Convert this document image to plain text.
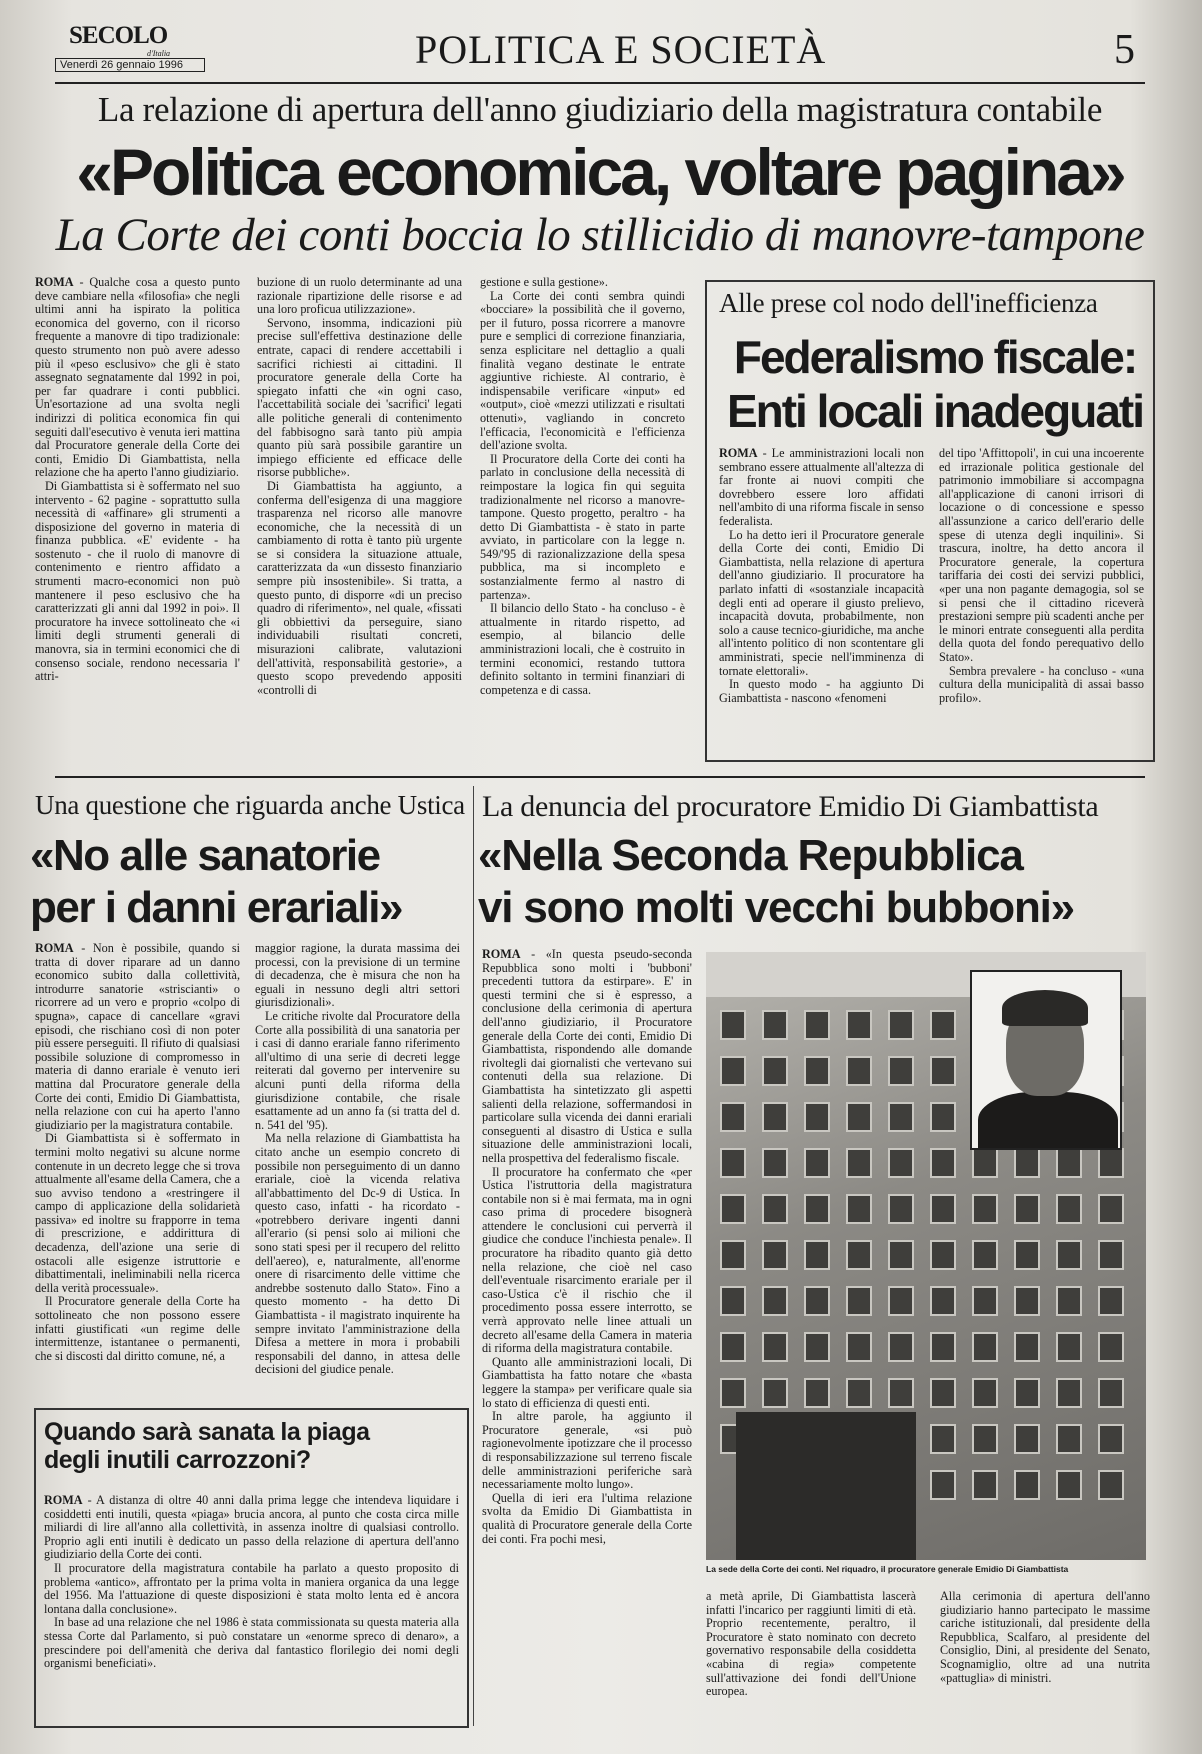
SECOLO
d'Italia
Venerdì 26 gennaio 1996	POLITICA E SOCIETÀ	5
La relazione di apertura dell'anno giudiziario della magistratura contabile
«Politica economica, voltare pagina»
La Corte dei conti boccia lo stillicidio di manovre-tampone

ROMA - Qualche cosa a questo punto deve cambiare nella «filosofia» che negli ultimi anni ha ispirato la politica economica del governo, con il ricorso frequente a manovre di tipo tradizionale: questo strumento non può avere adesso più il «peso esclusivo» che gli è stato assegnato segnatamente dal 1992 in poi, per far quadrare i conti pubblici. Un'esortazione ad una svolta negli indirizzi di politica economica fin qui seguiti dall'esecutivo è venuta ieri mattina dal Procuratore generale della Corte dei conti, Emidio Di Giambattista, nella relazione che ha aperto l'anno giudiziario.

Di Giambattista si è soffermato nel suo intervento - 62 pagine - soprattutto sulla necessità di «affinare» gli strumenti a disposizione del governo in materia di finanza pubblica. «E' evidente - ha sostenuto - che il ruolo di manovre di contenimento e rientro affidato a strumenti macro-economici non può mantenere il peso esclusivo che ha caratterizzati gli anni dal 1992 in poi». Il procuratore ha invece sottolineato che «i limiti degli strumenti generali di manovra, sia in termini economici che di consenso sociale, rendono necessaria l' attri-

buzione di un ruolo determinante ad una razionale ripartizione delle risorse e ad una loro proficua utilizzazione».

Servono, insomma, indicazioni più precise sull'effettiva destinazione delle entrate, capaci di rendere accettabili i sacrifici richiesti ai cittadini. Il procuratore generale della Corte ha spiegato infatti che «in ogni caso, l'accettabilità sociale dei 'sacrifici' legati alle politiche generali di contenimento del fabbisogno sarà tanto più ampia quanto più sarà possibile garantire un impiego efficiente ed efficace delle risorse pubbliche».

Di Giambattista ha aggiunto, a conferma dell'esigenza di una maggiore trasparenza nel ricorso alle manovre economiche, che la necessità di un cambiamento di rotta è tanto più urgente se si considera la situazione attuale, caratterizzata da «un dissesto finanziario sempre più insostenibile». Si tratta, a questo punto, di disporre «di un preciso quadro di riferimento», nel quale, «fissati gli obbiettivi da perseguire, siano individuabili risultati concreti, misurazioni calibrate, valutazioni dell'attività, responsabilità gestorie», a questo scopo prevedendo appositi «controlli di

gestione e sulla gestione».

La Corte dei conti sembra quindi «bocciare» la possibilità che il governo, per il futuro, possa ricorrere a manovre pure e semplici di correzione finanziaria, senza esplicitare nel dettaglio a quali finalità vegano destinate le entrate aggiuntive richieste. Al contrario, è indispensabile verificare «input» ed «output», cioè «mezzi utilizzati e risultati ottenuti», vagliando in concreto l'efficacia, l'economicità e l'efficienza dell'azione svolta.

Il Procuratore della Corte dei conti ha parlato in conclusione della necessità di reimpostare la logica fin qui seguita tradizionalmente nel ricorso a manovre-tampone. Questo progetto, peraltro - ha detto Di Giambattista - è stato in parte avviato, in particolare con la legge n. 549/'95 di razionalizzazione della spesa pubblica, ma si incompleto e sostanzialmente fermo al nastro di partenza».

Il bilancio dello Stato - ha concluso - è attualmente in ritardo rispetto, ad esempio, al bilancio delle amministrazioni locali, che è costruito in termini economici, restando tuttora definito soltanto in termini finanziari di competenza e di cassa.

Alle prese col nodo dell'inefficienza
Federalismo fiscale:
Enti locali inadeguati

ROMA - Le amministrazioni locali non sembrano essere attualmente all'altezza di far fronte ai nuovi compiti che dovrebbero essere loro affidati nell'ambito di una riforma fiscale in senso federalista.

Lo ha detto ieri il Procuratore generale della Corte dei conti, Emidio Di Giambattista, nella relazione di apertura dell'anno giudiziario. Il procuratore ha parlato infatti di «sostanziale incapacità degli enti ad operare il giusto prelievo, incapacità dovuta, probabilmente, non solo a cause tecnico-giuridiche, ma anche all'intento politico di non scontentare gli amministrati, specie nell'imminenza di tornate elettorali».

In questo modo - ha aggiunto Di Giambattista - nascono «fenomeni

del tipo 'Affittopoli', in cui una incoerente ed irrazionale politica gestionale del patrimonio immobiliare si accompagna all'applicazione di canoni irrisori di locazione o di concessione e spesso all'assunzione a carico dell'erario delle spese di utenza degli inquilini». Si trascura, inoltre, ha detto ancora il Procuratore generale, la copertura tariffaria dei costi dei servizi pubblici, «per una non pagante demagogia, sol se si pensi che il cittadino riceverà prestazioni sempre più scadenti anche per le minori entrate conseguenti alla perdita della quota del fondo perequativo dello Stato».

Sembra prevalere - ha concluso - «una cultura della municipalità di assai basso profilo».

Una questione che riguarda anche Ustica
«No alle sanatorie
per i danni erariali»

ROMA - Non è possibile, quando si tratta di dover riparare ad un danno economico subito dalla collettività, introdurre sanatorie «striscianti» o ricorrere ad un vero e proprio «colpo di spugna», capace di cancellare «gravi episodi, che rischiano così di non poter più essere perseguiti. Il rifiuto di qualsiasi possibile soluzione di compromesso in materia di danno erariale è venuto ieri mattina dal Procuratore generale della Corte dei conti, Emidio Di Giambattista, nella relazione con cui ha aperto l'anno giudiziario per la magistratura contabile.

Di Giambattista si è soffermato in termini molto negativi su alcune norme contenute in un decreto legge che si trova attualmente all'esame della Camera, che a suo avviso tendono a «restringere il campo di applicazione della solidarietà passiva» ed inoltre su frapporre in tema di prescrizione, e addirittura di decadenza, dell'azione una serie di ostacoli alle esigenze istruttorie e dibattimentali, ineliminabili nella ricerca della verità processuale».

Il Procuratore generale della Corte ha sottolineato che non possono essere infatti giustificati «un regime delle intermittenze, istantanee o permanenti, che si discosti dal diritto comune, né, a

maggior ragione, la durata massima dei processi, con la previsione di un termine di decadenza, che è misura che non ha eguali in nessuno degli altri settori giurisdizionali».

Le critiche rivolte dal Procuratore della Corte alla possibilità di una sanatoria per i casi di danno erariale fanno riferimento all'ultimo di una serie di decreti legge reiterati dal governo per intervenire su alcuni punti della riforma della giurisdizione contabile, che risale esattamente ad un anno fa (si tratta del d. n. 541 del '95).

Ma nella relazione di Giambattista ha citato anche un esempio concreto di possibile non perseguimento di un danno erariale, cioè la vicenda relativa all'abbattimento del Dc-9 di Ustica. In questo caso, infatti - ha ricordato - «potrebbero derivare ingenti danni all'erario (si pensi solo ai milioni che sono stati spesi per il recupero del relitto dell'aereo), e, naturalmente, all'enorme onere di risarcimento delle vittime che andrebbe sostenuto dallo Stato». Fino a questo momento - ha detto Di Giambattista - il magistrato inquirente ha sempre invitato l'amministrazione della Difesa a mettere in mora i probabili responsabili del danno, in attesa delle decisioni del giudice penale.

Quando sarà sanata la piaga
degli inutili carrozzoni?

ROMA - A distanza di oltre 40 anni dalla prima legge che intendeva liquidare i cosiddetti enti inutili, questa «piaga» brucia ancora, al punto che costa circa mille miliardi di lire all'anno alla collettività, in assenza inoltre di qualsiasi controllo. Proprio agli enti inutili è dedicato un passo della relazione di apertura dell'anno giudiziario della Corte dei conti.

Il procuratore della magistratura contabile ha parlato a questo proposito di problema «antico», affrontato per la prima volta in maniera organica da una legge del 1956. Ma l'attuazione di queste disposizioni è stata molto lenta ed è ancora lontana dalla conclusione».

In base ad una relazione che nel 1986 è stata commissionata su questa materia alla stessa Corte dal Parlamento, si può constatare un «enorme spreco di denaro», a prescindere poi dell'amenità che deriva dal fantastico florilegio dei nomi degli organismi beneficiati».

La denuncia del procuratore Emidio Di Giambattista
«Nella Seconda Repubblica
vi sono molti vecchi bubboni»

ROMA - «In questa pseudo-seconda Repubblica sono molti i 'bubboni' precedenti tuttora da estirpare». E' in questi termini che si è espresso, a conclusione della cerimonia di apertura dell'anno giudiziario, il Procuratore generale della Corte dei conti, Emidio Di Giambattista, rispondendo alle domande rivoltegli dai giornalisti che vertevano sui contenuti della sua relazione. Di Giambattista ha sintetizzato gli aspetti salienti della relazione, soffermandosi in particolare sulla vicenda dei danni erariali conseguenti al disastro di Ustica e sulla situazione delle amministrazioni locali, nella prospettiva del federalismo fiscale.

Il procuratore ha confermato che «per Ustica l'istruttoria della magistratura contabile non si è mai fermata, ma in ogni caso prima di procedere bisognerà attendere le conclusioni cui perverrà il giudice che conduce l'inchiesta penale». Il procuratore ha ribadito quanto già detto nella relazione, che cioè nel caso dell'eventuale risarcimento erariale per il caso-Ustica c'è il rischio che il procedimento possa essere interrotto, se verrà approvato nelle linee attuali un decreto all'esame della Camera in materia di riforma della magistratura contabile.

Quanto alle amministrazioni locali, Di Giambattista ha fatto notare che «basta leggere la stampa» per verificare quale sia lo stato di efficienza di questi enti.

In altre parole, ha aggiunto il Procuratore generale, «si può ragionevolmente ipotizzare che il processo di responsabilizzazione sul terreno fiscale delle amministrazioni periferiche sarà necessariamente molto lungo».

Quella di ieri era l'ultima relazione svolta da Emidio Di Giambattista in qualità di Procuratore generale della Corte dei conti. Fra pochi mesi,

La sede della Corte dei conti. Nel riquadro, il procuratore generale Emidio Di Giambattista

a metà aprile, Di Giambattista lascerà infatti l'incarico per raggiunti limiti di età. Proprio recentemente, peraltro, il Procuratore è stato nominato con decreto governativo responsabile della cosiddetta «cabina di regia» competente sull'attivazione dei fondi dell'Unione europea.

Alla cerimonia di apertura dell'anno giudiziario hanno partecipato le massime cariche istituzionali, dal presidente della Repubblica, Scalfaro, al presidente del Consiglio, Dini, al presidente del Senato, Scognamiglio, oltre ad una nutrita «pattuglia» di ministri.
